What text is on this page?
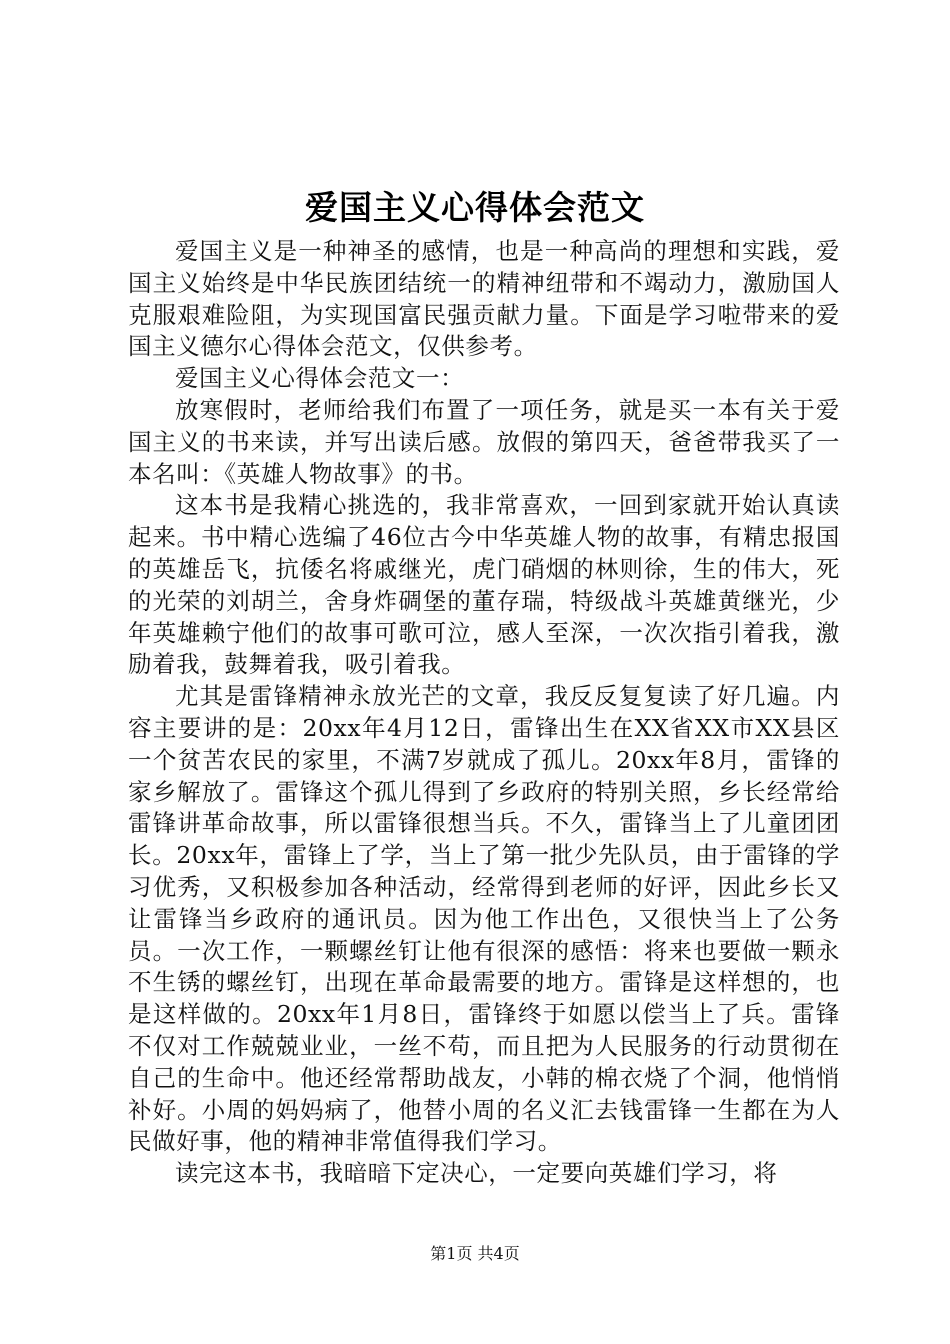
爱国主义心得体会范文

爱国主义是一种神圣的感情，也是一种高尚的理想和实践，爱国主义始终是中华民族团结统一的精神纽带和不竭动力，激励国人克服艰难险阻，为实现国富民强贡献力量。下面是学习啦带来的爱国主义德尔心得体会范文，仅供参考。

爱国主义心得体会范文一：

放寒假时，老师给我们布置了一项任务，就是买一本有关于爱国主义的书来读，并写出读后感。放假的第四天，爸爸带我买了一本名叫：《英雄人物故事》的书。

这本书是我精心挑选的，我非常喜欢，一回到家就开始认真读起来。书中精心选编了46位古今中华英雄人物的故事，有精忠报国的英雄岳飞，抗倭名将戚继光，虎门硝烟的林则徐，生的伟大，死的光荣的刘胡兰，舍身炸碉堡的董存瑞，特级战斗英雄黄继光，少年英雄赖宁他们的故事可歌可泣，感人至深，一次次指引着我，激励着我，鼓舞着我，吸引着我。

尤其是雷锋精神永放光芒的文章，我反反复复读了好几遍。内容主要讲的是：20xx年4月12日，雷锋出生在XX省XX市XX县区一个贫苦农民的家里，不满7岁就成了孤儿。20xx年8月，雷锋的家乡解放了。雷锋这个孤儿得到了乡政府的特别关照，乡长经常给雷锋讲革命故事，所以雷锋很想当兵。不久，雷锋当上了儿童团团长。20xx年，雷锋上了学，当上了第一批少先队员，由于雷锋的学习优秀，又积极参加各种活动，经常得到老师的好评，因此乡长又让雷锋当乡政府的通讯员。因为他工作出色，又很快当上了公务员。一次工作，一颗螺丝钉让他有很深的感悟：将来也要做一颗永不生锈的螺丝钉，出现在革命最需要的地方。雷锋是这样想的，也是这样做的。20xx年1月8日，雷锋终于如愿以偿当上了兵。雷锋不仅对工作兢兢业业，一丝不苟，而且把为人民服务的行动贯彻在自己的生命中。他还经常帮助战友，小韩的棉衣烧了个洞，他悄悄补好。小周的妈妈病了，他替小周的名义汇去钱雷锋一生都在为人民做好事，他的精神非常值得我们学习。

读完这本书，我暗暗下定决心，一定要向英雄们学习，将

第1页 共4页
